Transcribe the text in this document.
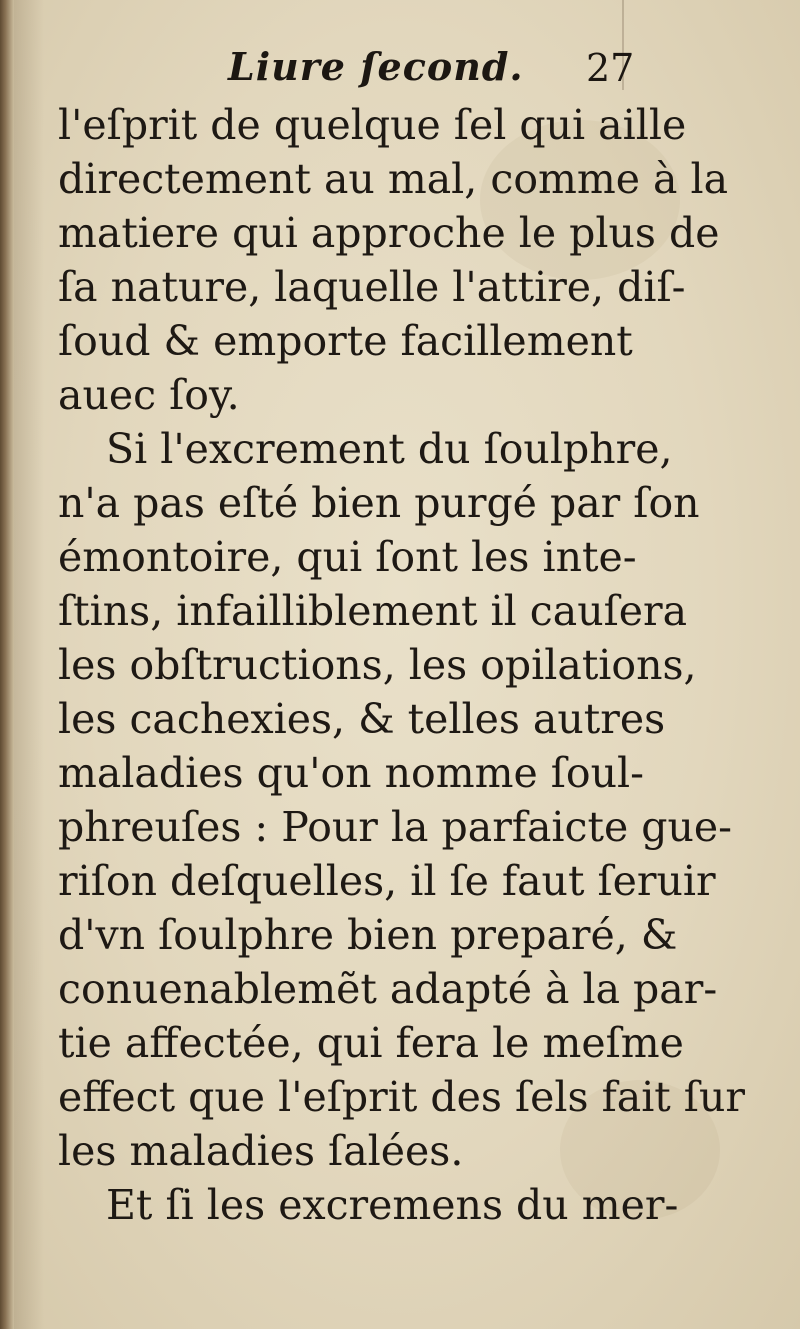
Liure ſecond. 27
l'eſprit de quelque ſel qui aille
directement au mal, comme à la
matiere qui approche le plus de
ſa nature, laquelle l'attire, diſ-
ſoud & emporte facillement
auec ſoy.
Si l'excrement du ſoulphre,
n'a pas eſté bien purgé par ſon
émontoire, qui ſont les inte-
ſtins, infailliblement il cauſera
les obſtructions, les opilations,
les cachexies, & telles autres
maladies qu'on nomme ſoul-
phreuſes : Pour la parfaicte gue-
riſon deſquelles, il ſe faut ſeruir
d'vn ſoulphre bien preparé, &
conuenablemẽt adapté à la par-
tie affectée, qui fera le meſme
effect que l'eſprit des ſels fait ſur
les maladies ſalées.
Et ſi les excremens du mer-
